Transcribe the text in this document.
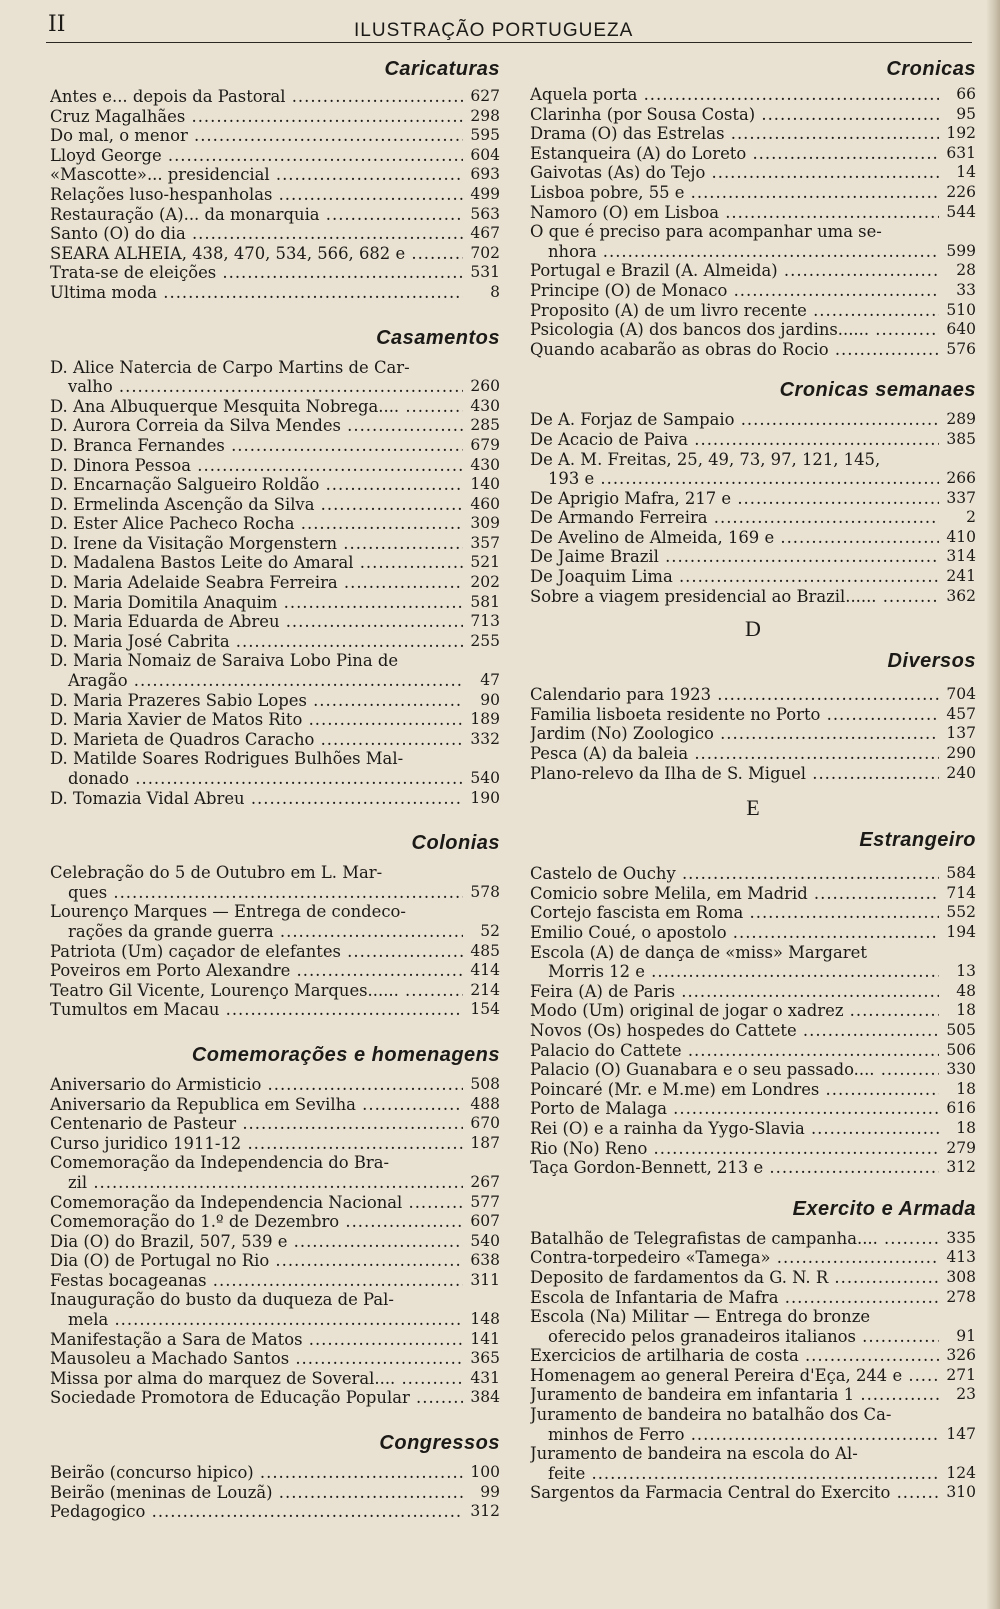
II	ILUSTRAÇÃO PORTUGUEZA
Caricaturas
Antes e... depois da Pastoral .....	627
Cruz Magalhães .....	298
Do mal, o menor .....	595
Lloyd George .....	604
«Mascotte»... presidencial .....	693
Relações luso-hespanholas .....	499
Restauração (A)... da monarquia .....	563
Santo (O) do dia .....	467
SEARA ALHEIA, 438, 470, 534, 566, 682 e .....	702
Trata-se de eleições .....	531
Ultima moda .....	8
Casamentos
D. Alice Natercia de Carpo Martins de Car-
valho .....	260
D. Ana Albuquerque Mesquita Nobrega.... .....	430
D. Aurora Correia da Silva Mendes .....	285
D. Branca Fernandes .....	679
D. Dinora Pessoa .....	430
D. Encarnação Salgueiro Roldão .....	140
D. Ermelinda Ascenção da Silva .....	460
D. Ester Alice Pacheco Rocha .....	309
D. Irene da Visitação Morgenstern .....	357
D. Madalena Bastos Leite do Amaral .....	521
D. Maria Adelaide Seabra Ferreira .....	202
D. Maria Domitila Anaquim .....	581
D. Maria Eduarda de Abreu .....	713
D. Maria José Cabrita .....	255
D. Maria Nomaiz de Saraiva Lobo Pina de
Aragão .....	47
D. Maria Prazeres Sabio Lopes .....	90
D. Maria Xavier de Matos Rito .....	189
D. Marieta de Quadros Caracho .....	332
D. Matilde Soares Rodrigues Bulhões Mal-
donado .....	540
D. Tomazia Vidal Abreu .....	190
Colonias
Celebração do 5 de Outubro em L. Mar-
ques .....	578
Lourenço Marques — Entrega de condeco-
rações da grande guerra .....	52
Patriota (Um) caçador de elefantes .....	485
Poveiros em Porto Alexandre .....	414
Teatro Gil Vicente, Lourenço Marques...... .....	214
Tumultos em Macau .....	154
Comemorações e homenagens
Aniversario do Armisticio .....	508
Aniversario da Republica em Sevilha .....	488
Centenario de Pasteur .....	670
Curso juridico 1911-12 .....	187
Comemoração da Independencia do Bra-
zil .....	267
Comemoração da Independencia Nacional .....	577
Comemoração do 1.º de Dezembro .....	607
Dia (O) do Brazil, 507, 539 e .....	540
Dia (O) de Portugal no Rio .....	638
Festas bocageanas .....	311
Inauguração do busto da duqueza de Pal-
mela .....	148
Manifestação a Sara de Matos .....	141
Mausoleu a Machado Santos .....	365
Missa por alma do marquez de Soveral.... .....	431
Sociedade Promotora de Educação Popular .....	384
Congressos
Beirão (concurso hipico) .....	100
Beirão (meninas de Louzã) .....	99
Pedagogico .....	312
Cronicas
Aquela porta .....	66
Clarinha (por Sousa Costa) .....	95
Drama (O) das Estrelas .....	192
Estanqueira (A) do Loreto .....	631
Gaivotas (As) do Tejo .....	14
Lisboa pobre, 55 e .....	226
Namoro (O) em Lisboa .....	544
O que é preciso para acompanhar uma se-
nhora .....	599
Portugal e Brazil (A. Almeida) .....	28
Principe (O) de Monaco .....	33
Proposito (A) de um livro recente .....	510
Psicologia (A) dos bancos dos jardins...... .....	640
Quando acabarão as obras do Rocio .....	576
Cronicas semanaes
De A. Forjaz de Sampaio .....	289
De Acacio de Paiva .....	385
De A. M. Freitas, 25, 49, 73, 97, 121, 145,
193 e .....	266
De Aprigio Mafra, 217 e .....	337
De Armando Ferreira .....	2
De Avelino de Almeida, 169 e .....	410
De Jaime Brazil .....	314
De Joaquim Lima .....	241
Sobre a viagem presidencial ao Brazil...... .....	362
D
Diversos
Calendario para 1923 .....	704
Familia lisboeta residente no Porto .....	457
Jardim (No) Zoologico .....	137
Pesca (A) da baleia .....	290
Plano-relevo da Ilha de S. Miguel .....	240
E
Estrangeiro
Castelo de Ouchy .....	584
Comicio sobre Melila, em Madrid .....	714
Cortejo fascista em Roma .....	552
Emilio Coué, o apostolo .....	194
Escola (A) de dança de «miss» Margaret
Morris 12 e .....	13
Feira (A) de Paris .....	48
Modo (Um) original de jogar o xadrez .....	18
Novos (Os) hospedes do Cattete .....	505
Palacio do Cattete .....	506
Palacio (O) Guanabara e o seu passado.... .....	330
Poincaré (Mr. e M.me) em Londres .....	18
Porto de Malaga .....	616
Rei (O) e a rainha da Yygo-Slavia .....	18
Rio (No) Reno .....	279
Taça Gordon-Bennett, 213 e .....	312
Exercito e Armada
Batalhão de Telegrafistas de campanha.... .....	335
Contra-torpedeiro «Tamega» .....	413
Deposito de fardamentos da G. N. R .....	308
Escola de Infantaria de Mafra .....	278
Escola (Na) Militar — Entrega do bronze
oferecido pelos granadeiros italianos .....	91
Exercicios de artilharia de costa .....	326
Homenagem ao general Pereira d'Eça, 244 e .....	271
Juramento de bandeira em infantaria 1 .....	23
Juramento de bandeira no batalhão dos Ca-
minhos de Ferro .....	147
Juramento de bandeira na escola do Al-
feite .....	124
Sargentos da Farmacia Central do Exercito .....	310
